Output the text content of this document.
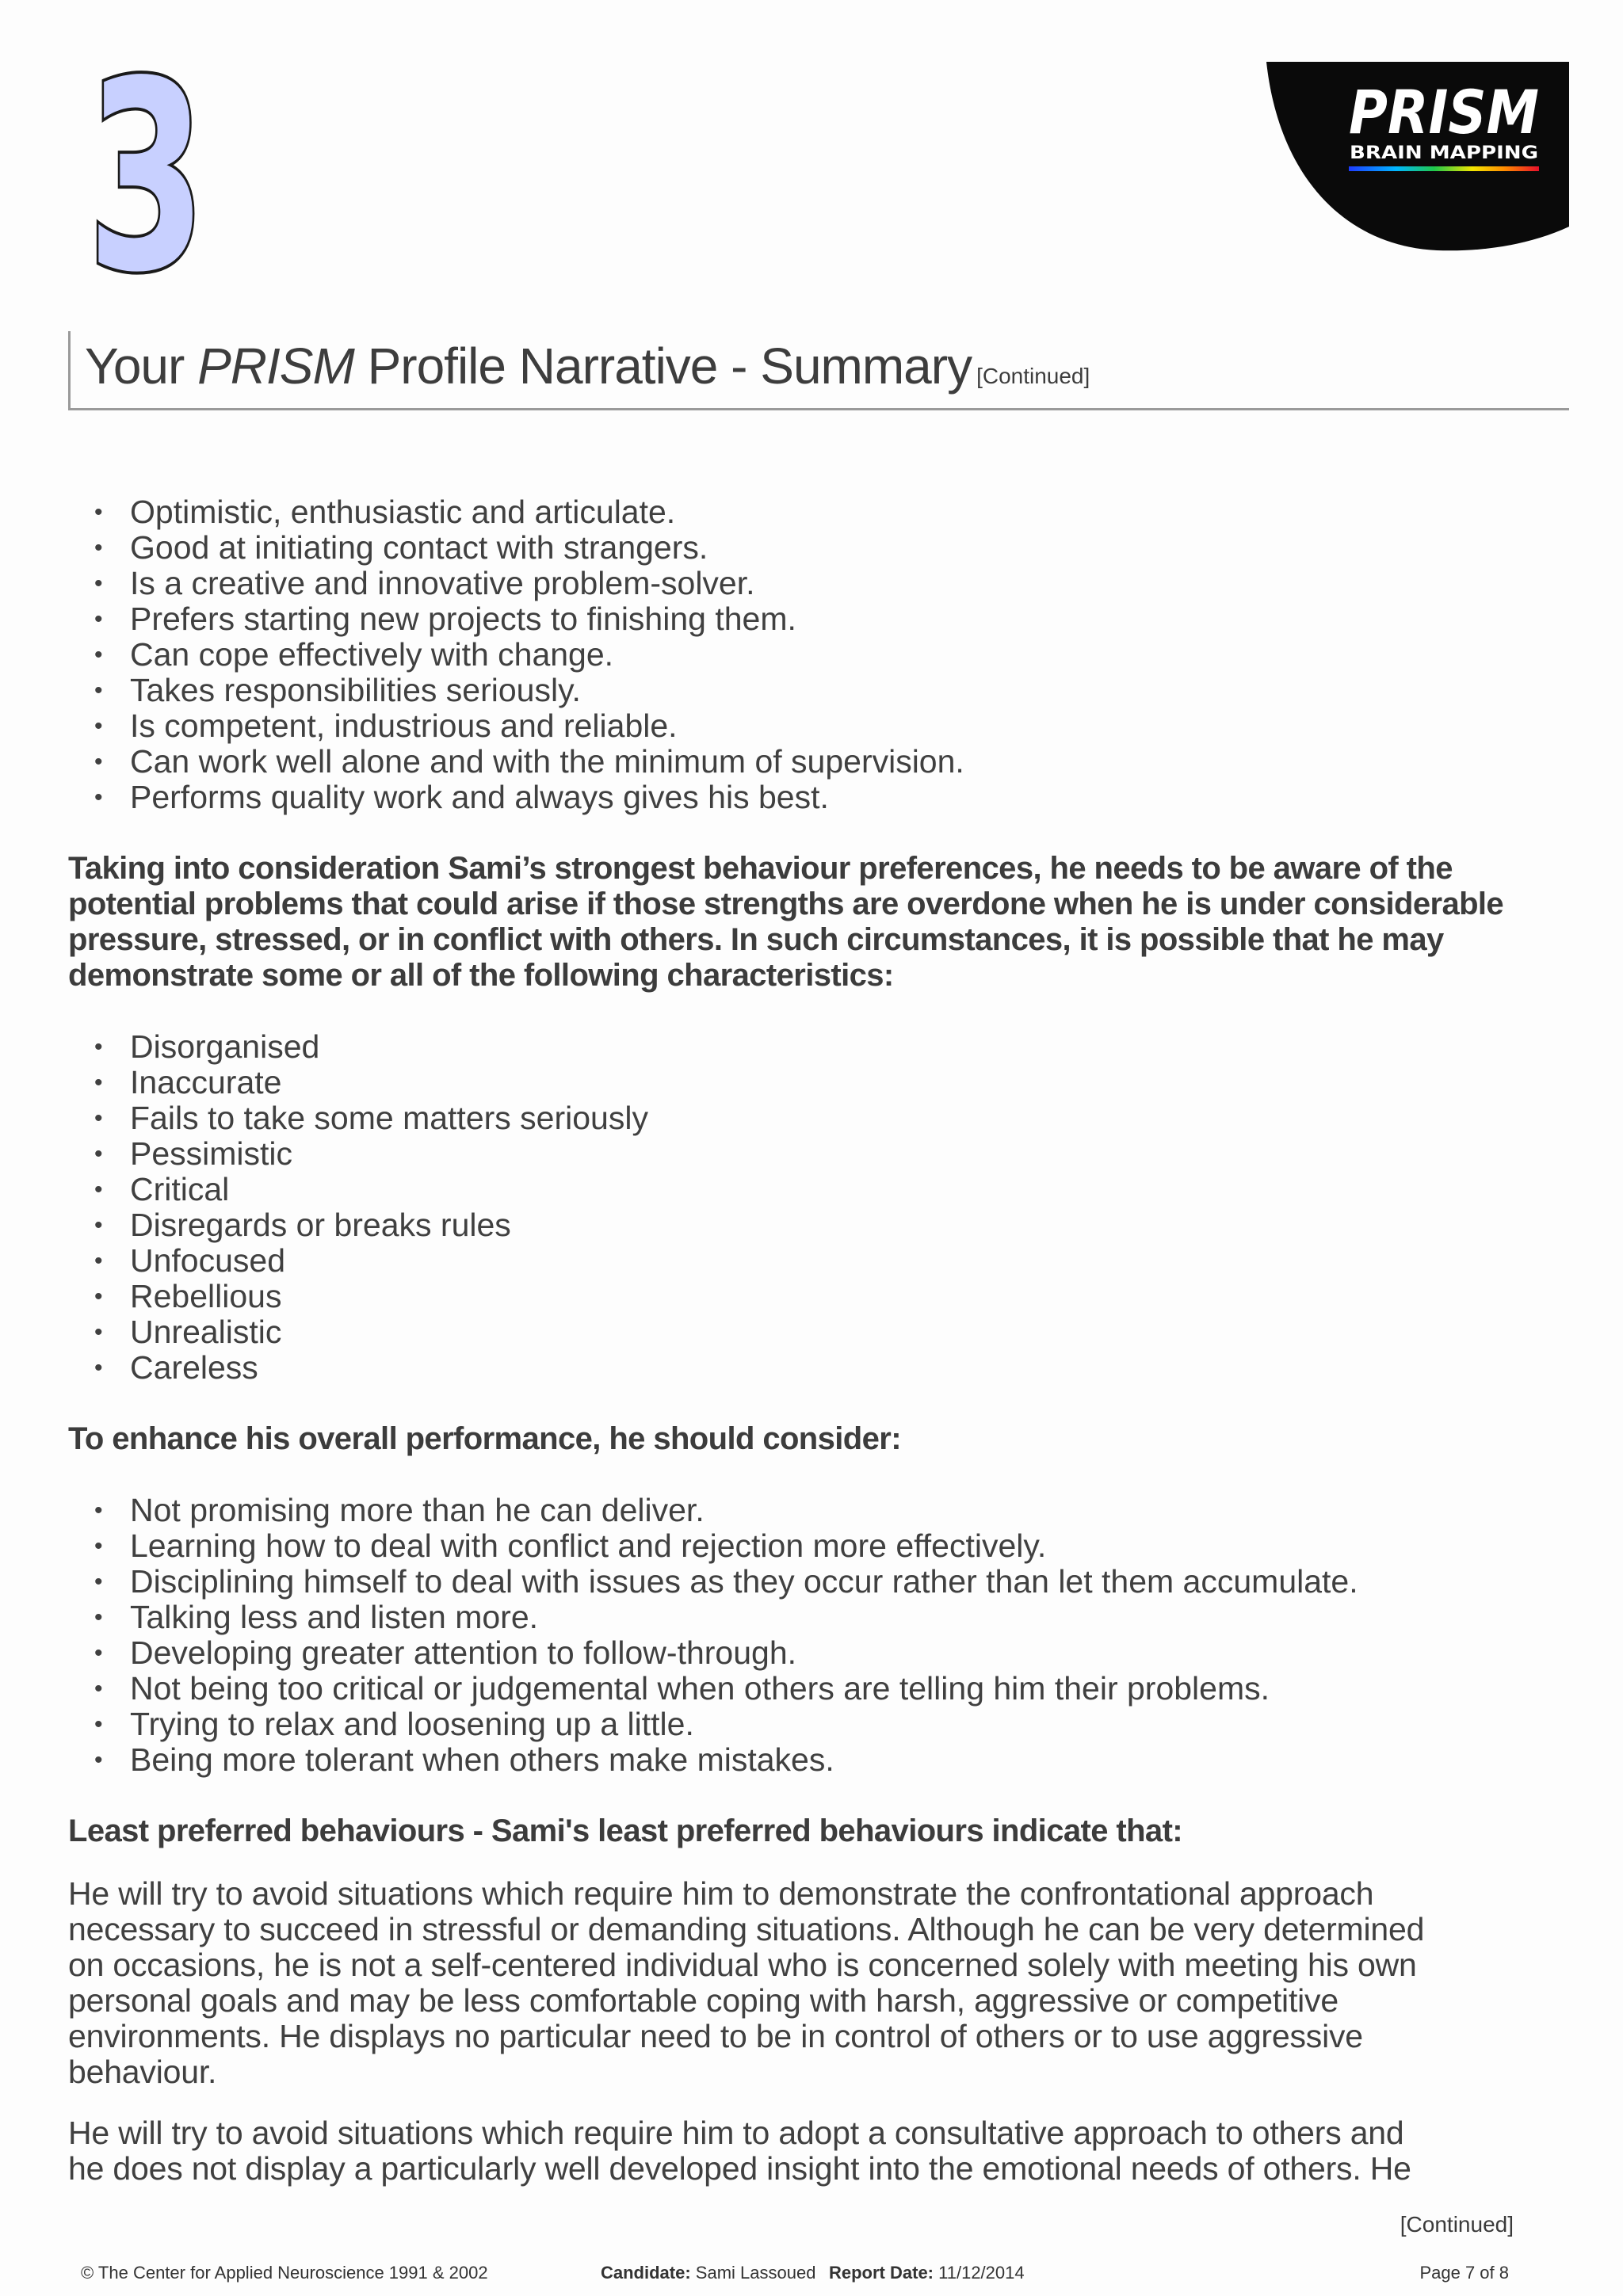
3	PRISM
BRAIN MAPPING
Your PRISM Profile Narrative - Summary [Continued]
• Optimistic, enthusiastic and articulate.
• Good at initiating contact with strangers.
• Is a creative and innovative problem-solver.
• Prefers starting new projects to finishing them.
• Can cope effectively with change.
• Takes responsibilities seriously.
• Is competent, industrious and reliable.
• Can work well alone and with the minimum of supervision.
• Performs quality work and always gives his best.
Taking into consideration Sami’s strongest behaviour preferences, he needs to be aware of the potential problems that could arise if those strengths are overdone when he is under considerable pressure, stressed, or in conflict with others. In such circumstances, it is possible that he may demonstrate some or all of the following characteristics:
• Disorganised
• Inaccurate
• Fails to take some matters seriously
• Pessimistic
• Critical
• Disregards or breaks rules
• Unfocused
• Rebellious
• Unrealistic
• Careless
To enhance his overall performance, he should consider:
• Not promising more than he can deliver.
• Learning how to deal with conflict and rejection more effectively.
• Disciplining himself to deal with issues as they occur rather than let them accumulate.
• Talking less and listen more.
• Developing greater attention to follow-through.
• Not being too critical or judgemental when others are telling him their problems.
• Trying to relax and loosening up a little.
• Being more tolerant when others make mistakes.
Least preferred behaviours - Sami's least preferred behaviours indicate that:
He will try to avoid situations which require him to demonstrate the confrontational approach
necessary to succeed in stressful or demanding situations. Although he can be very determined
on occasions, he is not a self-centered individual who is concerned solely with meeting his own
personal goals and may be less comfortable coping with harsh, aggressive or competitive
environments. He displays no particular need to be in control of others or to use aggressive
behaviour.
He will try to avoid situations which require him to adopt a consultative approach to others and
he does not display a particularly well developed insight into the emotional needs of others. He
[Continued]
© The Center for Applied Neuroscience 1991 & 2002	Candidate: Sami Lassoued Report Date: 11/12/2014	Page 7 of 8
